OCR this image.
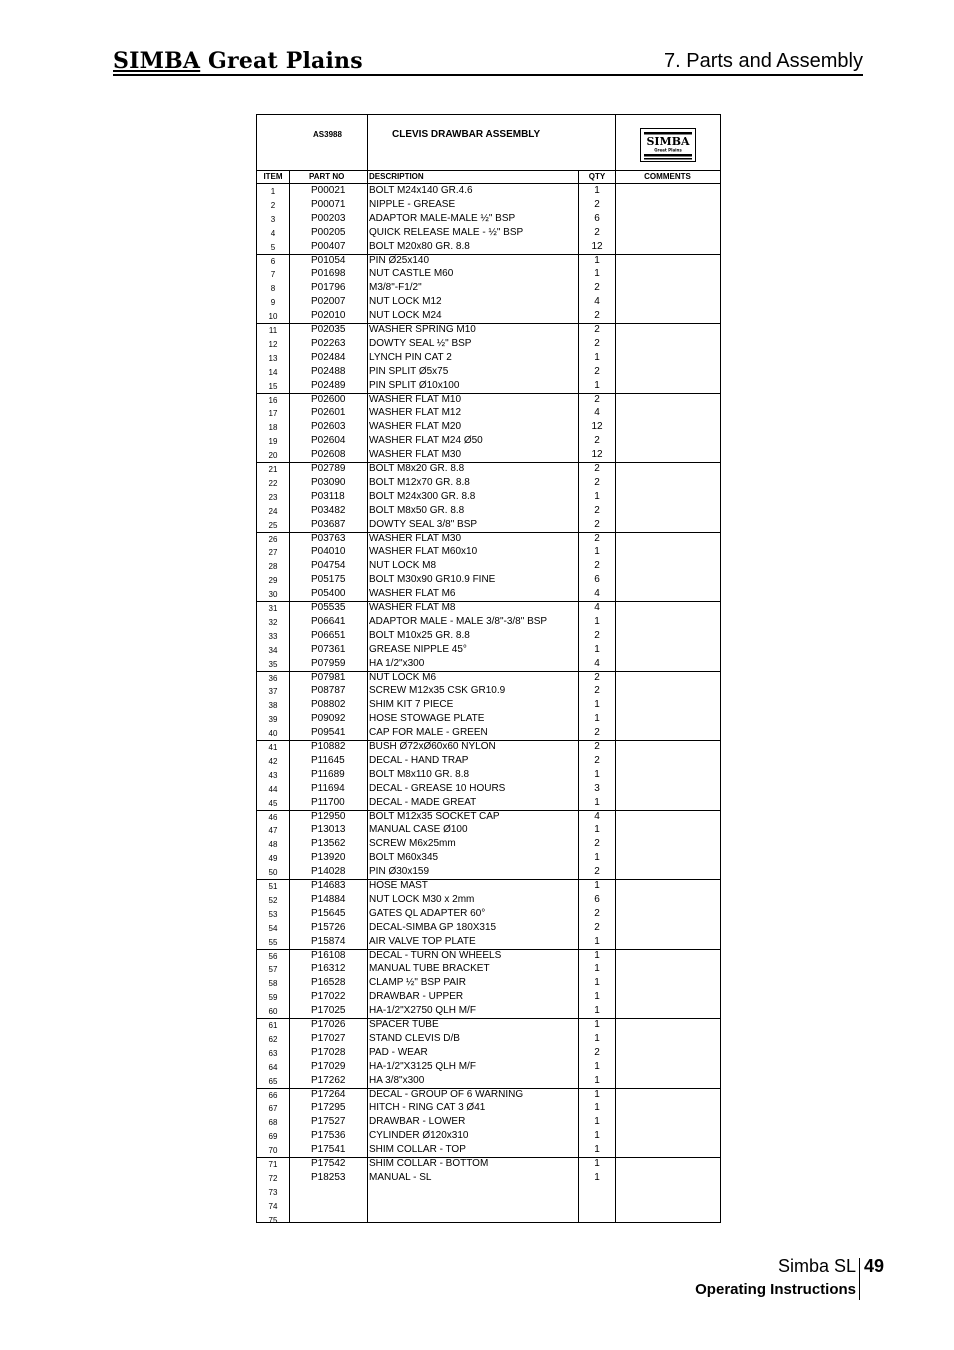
SIMBA Great Plains	7. Parts and Assembly
AS3988	CLEVIS DRAWBAR ASSEMBLY
SIMBA
Great Plains
ITEM	PART NO	DESCRIPTION	QTY	COMMENTS
1	P00021 BOLT M24x140 GR.4.6	1
2	P00071 NIPPLE - GREASE	2
3	P00203 ADAPTOR MALE-MALE ½" BSP	6
4	P00205 QUICK RELEASE MALE - ½" BSP	2
5	P00407 BOLT M20x80 GR. 8.8	12
6	P01054 PIN Ø25x140	1
7	P01698 NUT CASTLE M60	1
8	P01796 M3/8"-F1/2"	2
9	P02007 NUT LOCK M12	4
10	P02010 NUT LOCK M24	2
11	P02035 WASHER SPRING M10	2
12	P02263 DOWTY SEAL ½" BSP	2
13	P02484 LYNCH PIN CAT 2	1
14	P02488 PIN SPLIT Ø5x75	2
15	P02489 PIN SPLIT Ø10x100	1
16	P02600 WASHER FLAT M10	2
17	P02601 WASHER FLAT M12	4
18	P02603 WASHER FLAT M20	12
19	P02604 WASHER FLAT M24 Ø50	2
20	P02608 WASHER FLAT M30	12
21	P02789 BOLT M8x20 GR. 8.8	2
22	P03090 BOLT M12x70 GR. 8.8	2
23	P03118 BOLT M24x300 GR. 8.8	1
24	P03482 BOLT M8x50 GR. 8.8	2
25	P03687 DOWTY SEAL 3/8" BSP	2
26	P03763 WASHER FLAT M30	2
27	P04010 WASHER FLAT M60x10	1
28	P04754 NUT LOCK M8	2
29	P05175 BOLT M30x90 GR10.9 FINE	6
30	P05400 WASHER FLAT M6	4
31	P05535 WASHER FLAT M8	4
32	P06641 ADAPTOR MALE - MALE 3/8"-3/8" BSP	1
33	P06651 BOLT M10x25 GR. 8.8	2
34	P07361 GREASE NIPPLE 45°	1
35	P07959 HA 1/2"x300	4
36	P07981 NUT LOCK M6	2
37	P08787 SCREW M12x35 CSK GR10.9	2
38	P08802 SHIM KIT 7 PIECE	1
39	P09092 HOSE STOWAGE PLATE	1
40	P09541 CAP FOR MALE - GREEN	2
41	P10882 BUSH Ø72xØ60x60 NYLON	2
42	P11645 DECAL - HAND TRAP	2
43	P11689 BOLT M8x110 GR. 8.8	1
44	P11694 DECAL - GREASE 10 HOURS	3
45	P11700 DECAL - MADE GREAT	1
46	P12950 BOLT M12x35 SOCKET CAP	4
47	P13013 MANUAL CASE Ø100	1
48	P13562 SCREW M6x25mm	2
49	P13920 BOLT M60x345	1
50	P14028 PIN Ø30x159	2
51	P14683 HOSE MAST	1
52	P14884 NUT LOCK M30 x 2mm	6
53	P15645 GATES QL ADAPTER 60°	2
54	P15726 DECAL-SIMBA GP 180X315	2
55	P15874 AIR VALVE TOP PLATE	1
56	P16108 DECAL - TURN ON WHEELS	1
57	P16312 MANUAL TUBE BRACKET	1
58	P16528 CLAMP ½" BSP PAIR	1
59	P17022 DRAWBAR - UPPER	1
60	P17025 HA-1/2"X2750 QLH M/F	1
61	P17026 SPACER TUBE	1
62	P17027 STAND CLEVIS D/B	1
63	P17028 PAD - WEAR	2
64	P17029 HA-1/2"X3125 QLH M/F	1
65	P17262 HA 3/8"x300	1
66	P17264 DECAL - GROUP OF 6 WARNING	1
67	P17295 HITCH - RING CAT 3 Ø41	1
68	P17527 DRAWBAR - LOWER	1
69	P17536 CYLINDER Ø120x310	1
70	P17541 SHIM COLLAR - TOP	1
71	P17542 SHIM COLLAR - BOTTOM	1
72	P18253 MANUAL - SL	1
73
74
75
Simba SL 49
Operating Instructions
